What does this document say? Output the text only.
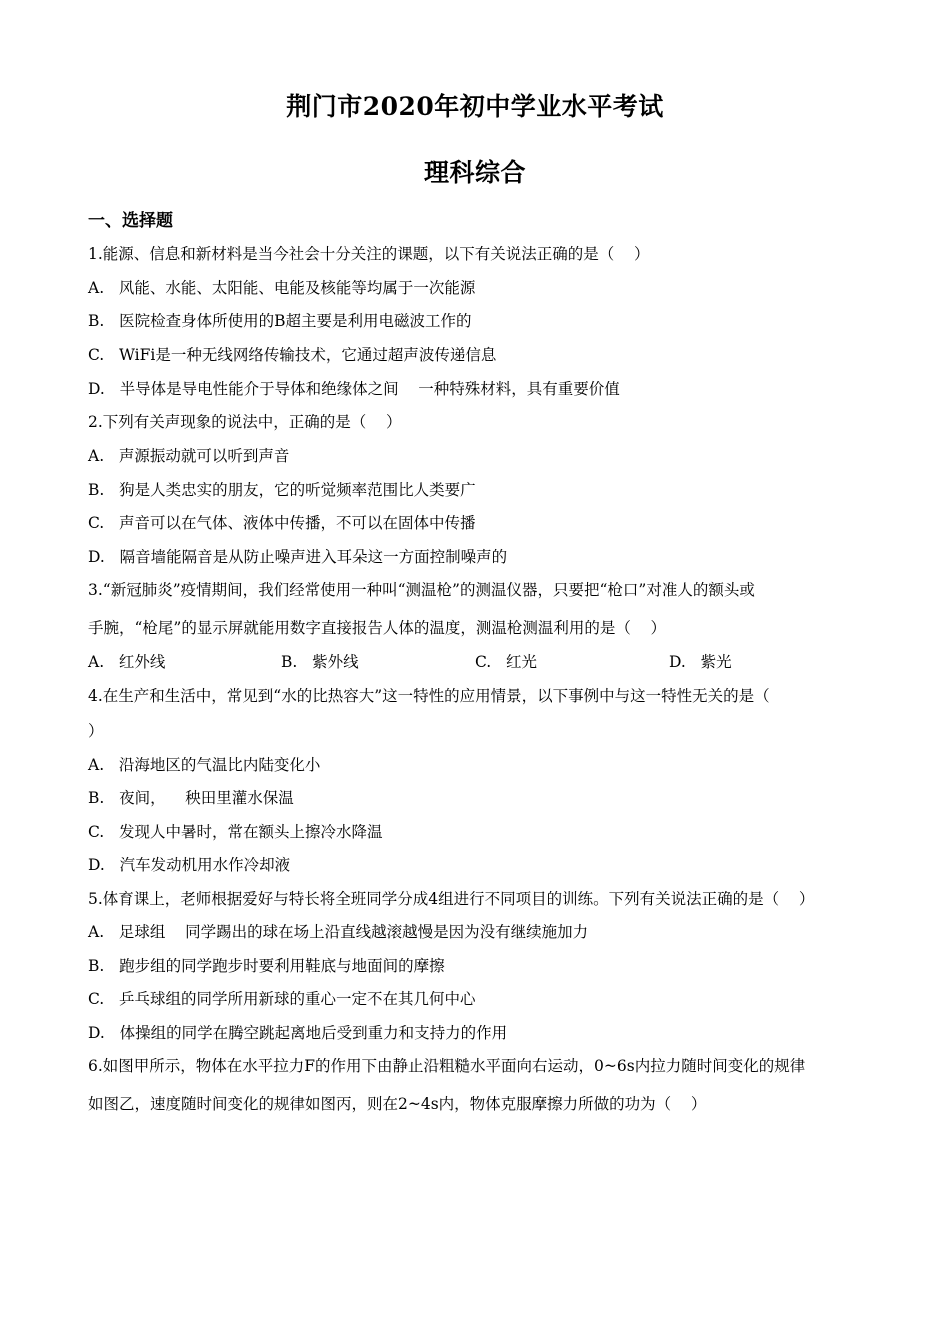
荆门市2020年初中学业水平考试
理科综合
一、选择题
1.能源、信息和新材料是当今社会十分关注的课题，以下有关说法正确的是（    ）
A.   风能、水能、太阳能、电能及核能等均属于一次能源
B.   医院检查身体所使用的B超主要是利用电磁波工作的
C.   WiFi是一种无线网络传输技术，它通过超声波传递信息
D.   半导体是导电性能介于导体和绝缘体之间    一种特殊材料，具有重要价值
2.下列有关声现象的说法中，正确的是（    ）
A.   声源振动就可以听到声音
B.   狗是人类忠实的朋友，它的听觉频率范围比人类要广
C.   声音可以在气体、液体中传播，不可以在固体中传播
D.   隔音墙能隔音是从防止噪声进入耳朵这一方面控制噪声的
3.“新冠肺炎”疫情期间，我们经常使用一种叫“测温枪”的测温仪器，只要把“枪口”对准人的额头或
手腕，“枪尾”的显示屏就能用数字直接报告人体的温度，测温枪测温利用的是（    ）
A.   红外线	B.   紫外线	C.   红光	D.   紫光
4.在生产和生活中，常见到“水的比热容大”这一特性的应用情景，以下事例中与这一特性无关的是（
）
A.   沿海地区的气温比内陆变化小
B.   夜间，    秧田里灌水保温
C.   发现人中暑时，常在额头上擦冷水降温
D.   汽车发动机用水作冷却液
5.体育课上，老师根据爱好与特长将全班同学分成4组进行不同项目的训练。下列有关说法正确的是（    ）
A.   足球组    同学踢出的球在场上沿直线越滚越慢是因为没有继续施加力
B.   跑步组的同学跑步时要利用鞋底与地面间的摩擦
C.   乒乓球组的同学所用新球的重心一定不在其几何中心
D.   体操组的同学在腾空跳起离地后受到重力和支持力的作用
6.如图甲所示，物体在水平拉力F的作用下由静止沿粗糙水平面向右运动，0~6s内拉力随时间变化的规律
如图乙，速度随时间变化的规律如图丙，则在2~4s内，物体克服摩擦力所做的功为（    ）
